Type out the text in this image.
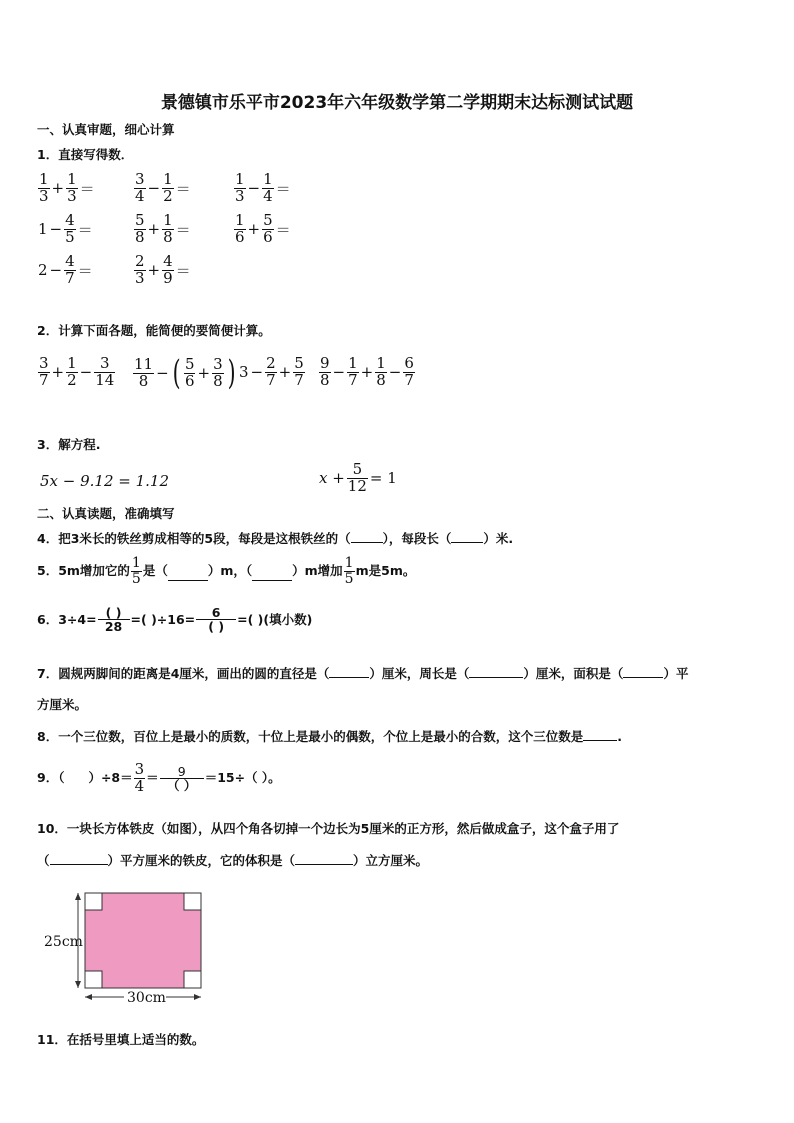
景德镇市乐平市2023年六年级数学第二学期期末达标测试试题
一、认真审题，细心计算
1．直接写得数．
$\frac{1}{3} + \frac{1}{3}$ ＝	$\frac{3}{4} - \frac{1}{2}$ ＝	$\frac{1}{3} - \frac{1}{4}$ ＝
$1 - \frac{4}{5}$ ＝	$\frac{5}{8} + \frac{1}{8}$ ＝	$\frac{1}{6} + \frac{5}{6}$ ＝
$2 - \frac{4}{7}$ ＝	$\frac{2}{3} + \frac{4}{9}$ ＝
2．计算下面各题，能简便的要简便计算。
$\frac{3}{7} + \frac{1}{2} - \frac{3}{14} \frac{11}{8}$ − ( $\frac{5}{6} + \frac{3}{8}$ ) $3 - \frac{2}{7} + \frac{5}{7} \frac{9}{8} - \frac{1}{7} + \frac{1}{8} - \frac{6}{7}$
3．解方程.
5x − 9.12 = 1.12	$x + \frac{5}{12} = 1$
二、认真读题，准确填写
4．把3米长的铁丝剪成相等的5段，每段是这根铁丝的（	），每段长（	）米.
5．5m增加它的 $\frac{1}{5}$ 是（
	）m，（
	）m增加 $\frac{1}{5}$ m是5m。
6．$3\div 4= \frac{( )}{28}$ =( )$\div 16= \frac{6}{( )}$ =( )(填小数)
7．圆规两脚间的距离是4厘米，画出的圆的直径是（	）厘米，周长是（	）厘米，面积是（	）平
方厘米。
8．一个三位数，百位上是最小的质数，十位上是最小的偶数，个位上是最小的合数，这个三位数是	.
9．（ ）$\div 8= \frac{3}{4} = \frac{9}{( )} =15\div$（ ）。
10．一块长方体铁皮（如图），从四个角各切掉一个边长为5厘米的正方形，然后做成盒子，这个盒子用了
（	）平方厘米的铁皮，它的体积是（	）立方厘米。
25cm
30cm
11．在括号里填上适当的数。
